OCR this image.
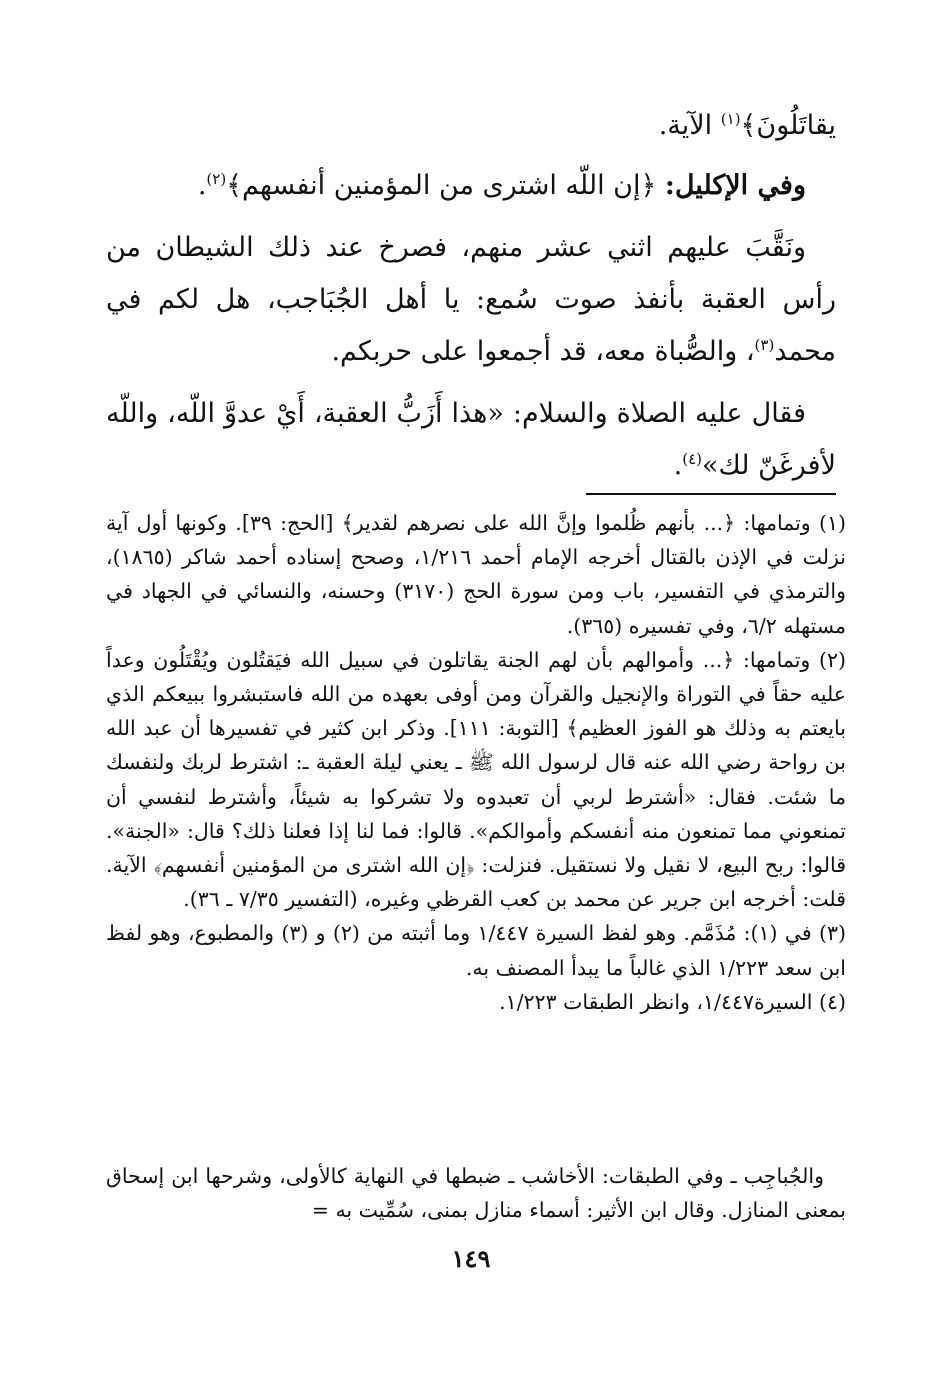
يقاتَلُونَ﴾$^{(١)}$ الآية.

وفي الإكليل: ﴿إن اللّه اشترى من المؤمنين أنفسهم﴾$^{(٢)}$.

ونَقَّبَ عليهم اثني عشر منهم، فصرخ عند ذلك الشيطان من رأس العقبة بأنفذ صوت سُمع: يا أهل الجُبَاجب، هل لكم في محمد$^{(٣)}$، والصُّباة معه، قد أجمعوا على حربكم.

فقال عليه الصلاة والسلام: «هذا أَزَبُّ العقبة، أَيْ عدوَّ اللّه، واللّه لأفرغَنّ لك»$^{(٤)}$.

(١) وتمامها: ﴿... بأنهم ظُلموا وإنَّ الله على نصرهم لقدير﴾ [الحج: ٣٩]. وكونها أول آية نزلت في الإذن بالقتال أخرجه الإمام أحمد ١/٢١٦، وصحح إسناده أحمد شاكر (١٨٦٥)، والترمذي في التفسير، باب ومن سورة الحج (٣١٧٠) وحسنه، والنسائي في الجهاد في مستهله ٦/٢، وفي تفسيره (٣٦٥).

(٢) وتمامها: ﴿... وأموالهم بأن لهم الجنة يقاتلون في سبيل الله فيَقتُلون ويُقْتَلُون وعداً عليه حقاً في التوراة والإنجيل والقرآن ومن أوفى بعهده من الله فاستبشروا ببيعكم الذي بايعتم به وذلك هو الفوز العظيم﴾ [التوبة: ١١١]. وذكر ابن كثير في تفسيرها أن عبد الله بن رواحة رضي الله عنه قال لرسول الله ﷺ ـ يعني ليلة العقبة ـ: اشترط لربك ولنفسك ما شئت. فقال: «أشترط لربي أن تعبدوه ولا تشركوا به شيئاً، وأشترط لنفسي أن تمنعوني مما تمنعون منه أنفسكم وأموالكم». قالوا: فما لنا إذا فعلنا ذلك؟ قال: «الجنة». قالوا: ربح البيع، لا نقيل ولا نستقيل. فنزلت: ﴿إن الله اشترى من المؤمنين أنفسهم﴾ الآية. قلت: أخرجه ابن جرير عن محمد بن كعب القرظي وغيره، (التفسير ٧/٣٥ ـ ٣٦).

(٣) في (١): مُذَمَّم. وهو لفظ السيرة ١/٤٤٧ وما أثبته من (٢) و (٣) والمطبوع، وهو لفظ ابن سعد ١/٢٢٣ الذي غالباً ما يبدأ المصنف به.

(٤) السيرة١/٤٤٧، وانظر الطبقات ١/٢٢٣.

والجُباجِب ـ وفي الطبقات: الأخاشب ـ ضبطها في النهاية كالأولى، وشرحها ابن إسحاق بمعنى المنازل. وقال ابن الأثير: أسماء منازل بمنى، سُمِّيت به =

١٤٩
